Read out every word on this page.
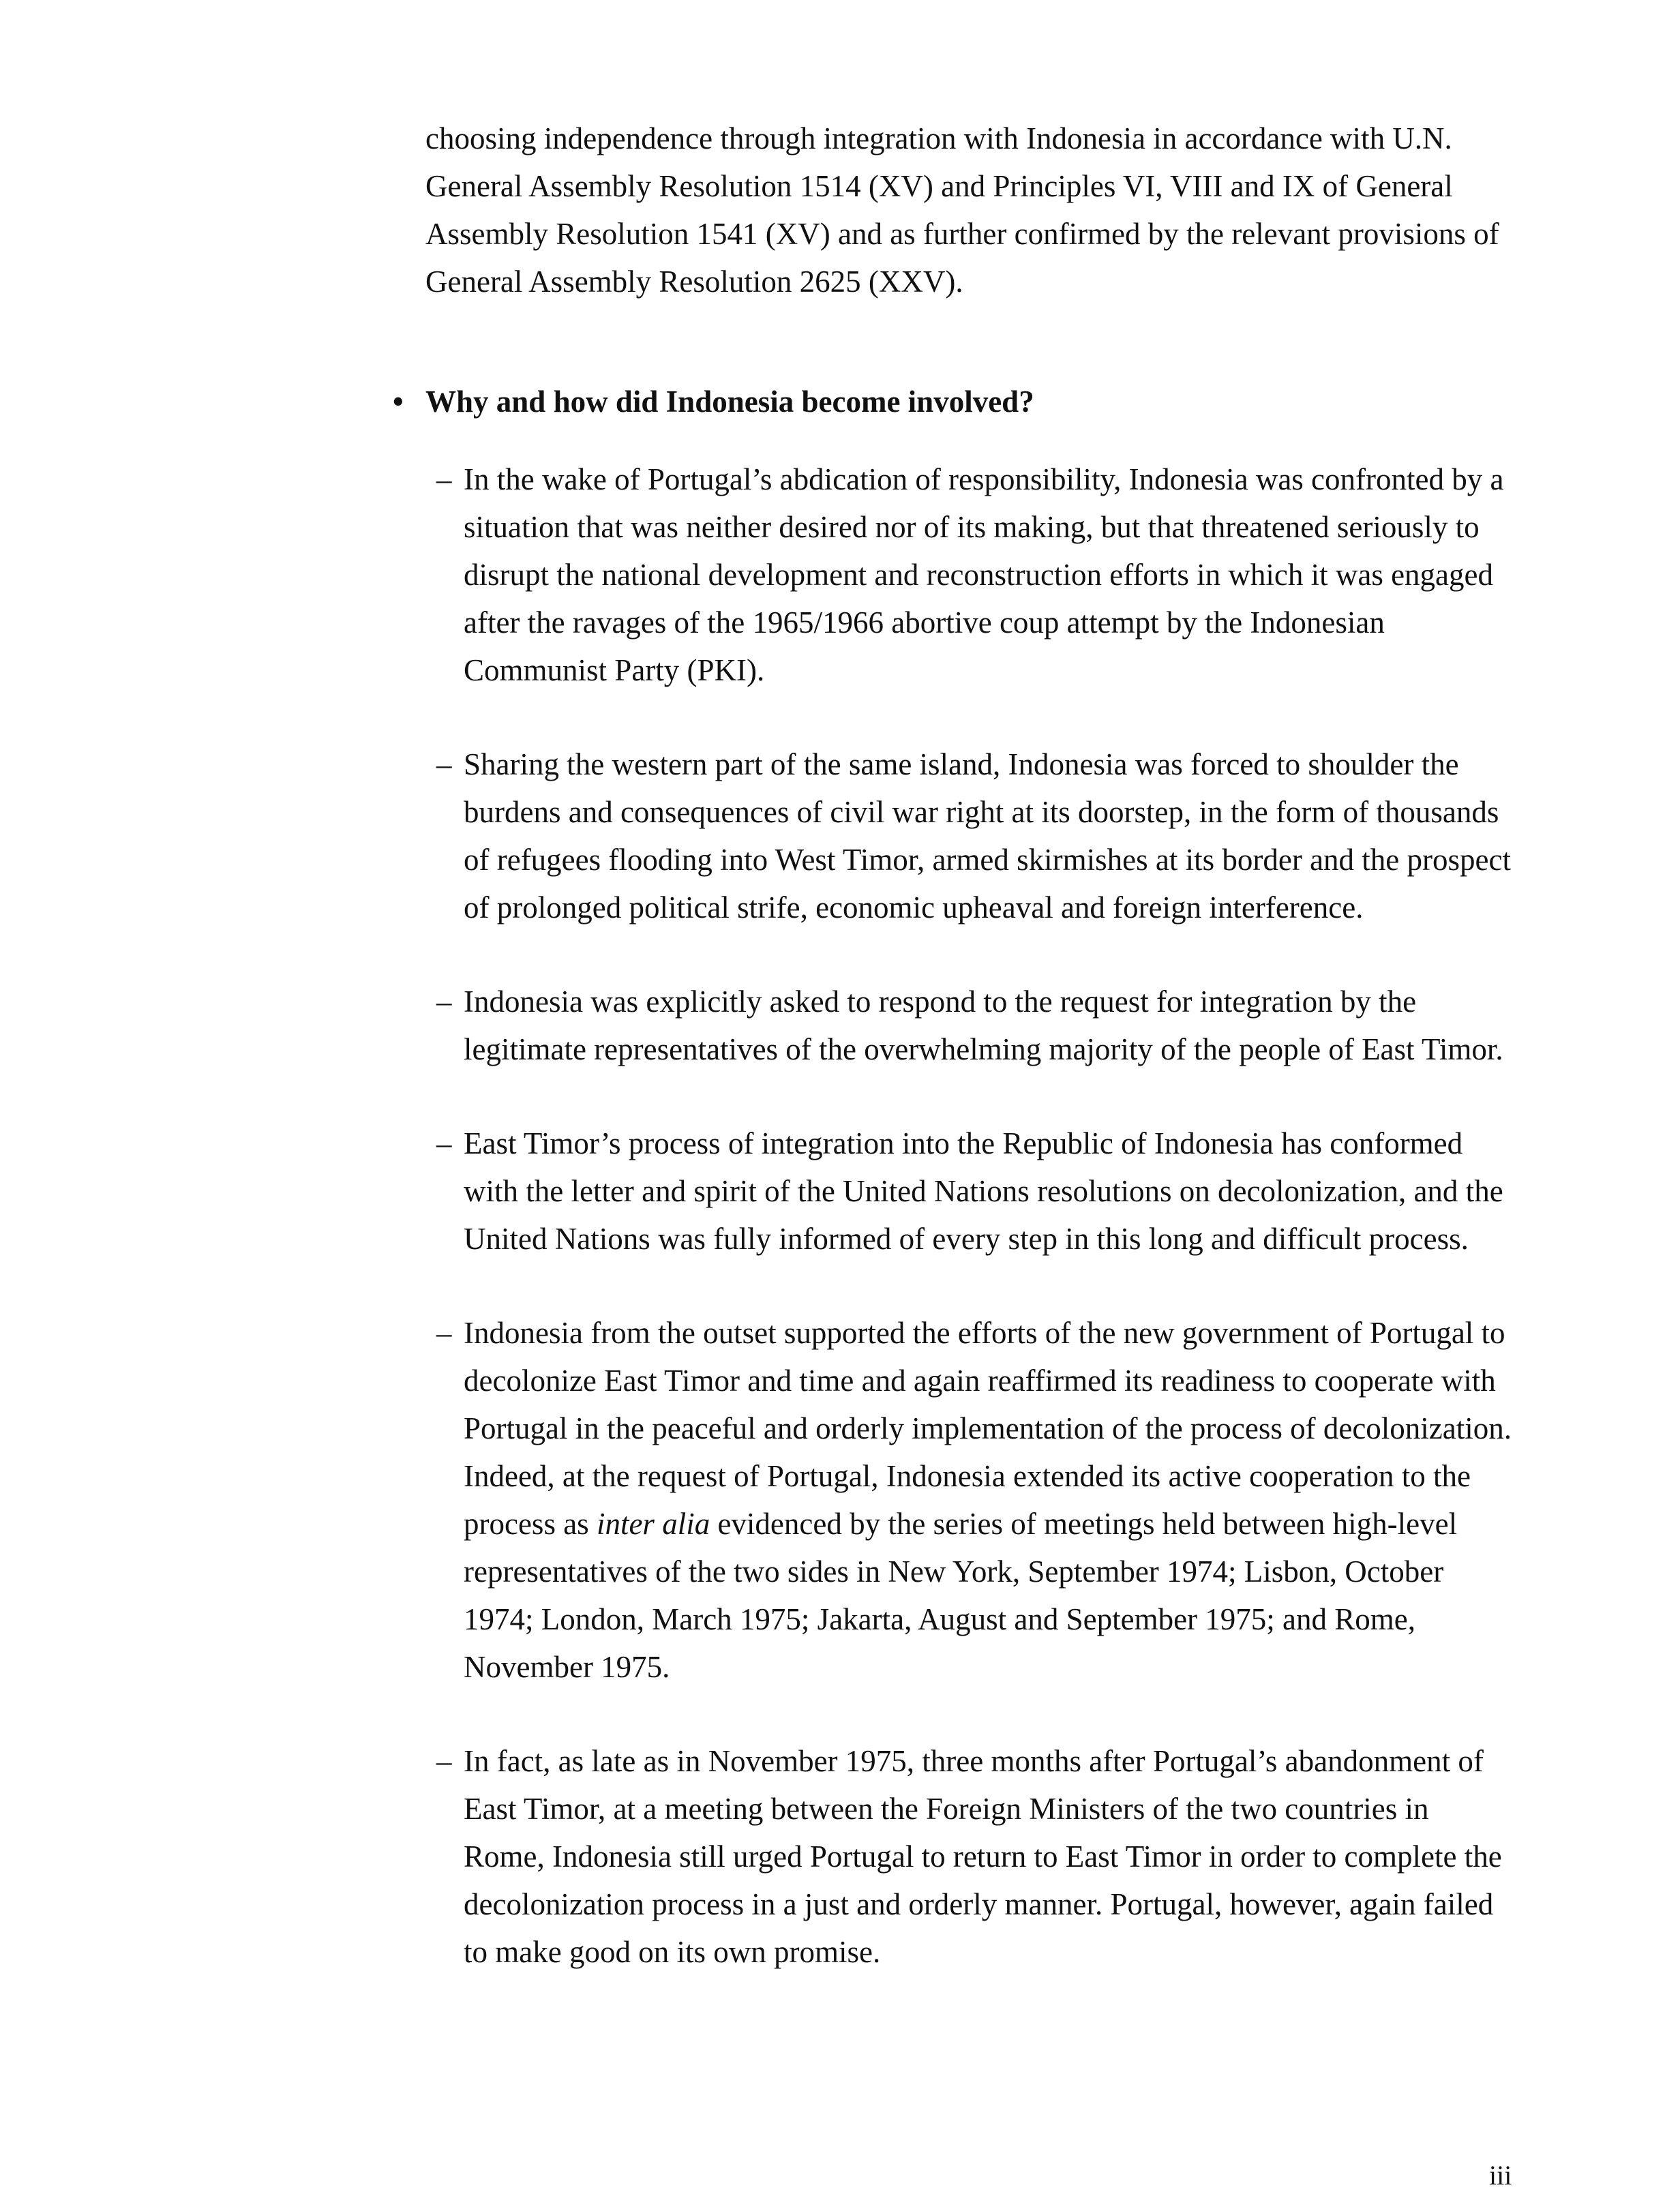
choosing independence through integration with Indonesia in accordance with U.N. General Assembly Resolution 1514 (XV) and Principles VI, VIII and IX of General Assembly Resolution 1541 (XV) and as further confirmed by the relevant provisions of General Assembly Resolution 2625 (XXV).

• Why and how did Indonesia become involved?
– In the wake of Portugal’s abdication of responsibility, Indonesia was confronted by a situation that was neither desired nor of its making, but that threatened seriously to disrupt the national development and reconstruction efforts in which it was engaged after the ravages of the 1965/1966 abortive coup attempt by the Indonesian Communist Party (PKI).
– Sharing the western part of the same island, Indonesia was forced to shoulder the burdens and consequences of civil war right at its doorstep, in the form of thousands of refugees flooding into West Timor, armed skirmishes at its border and the prospect of prolonged political strife, economic upheaval and foreign interference.
– Indonesia was explicitly asked to respond to the request for integration by the legitimate representatives of the overwhelming majority of the people of East Timor.
– East Timor’s process of integration into the Republic of Indonesia has conformed with the letter and spirit of the United Nations resolutions on decolonization, and the United Nations was fully informed of every step in this long and difficult process.
– Indonesia from the outset supported the efforts of the new government of Portugal to decolonize East Timor and time and again reaffirmed its readiness to cooperate with Portugal in the peaceful and orderly implementation of the process of decolonization. Indeed, at the request of Portugal, Indonesia extended its active cooperation to the process as inter alia evidenced by the series of meetings held between high-level representatives of the two sides in New York, September 1974; Lisbon, October 1974; London, March 1975; Jakarta, August and September 1975; and Rome, November 1975.
– In fact, as late as in November 1975, three months after Portugal’s abandonment of East Timor, at a meeting between the Foreign Ministers of the two countries in Rome, Indonesia still urged Portugal to return to East Timor in order to complete the decolonization process in a just and orderly manner. Portugal, however, again failed to make good on its own promise.
iii
